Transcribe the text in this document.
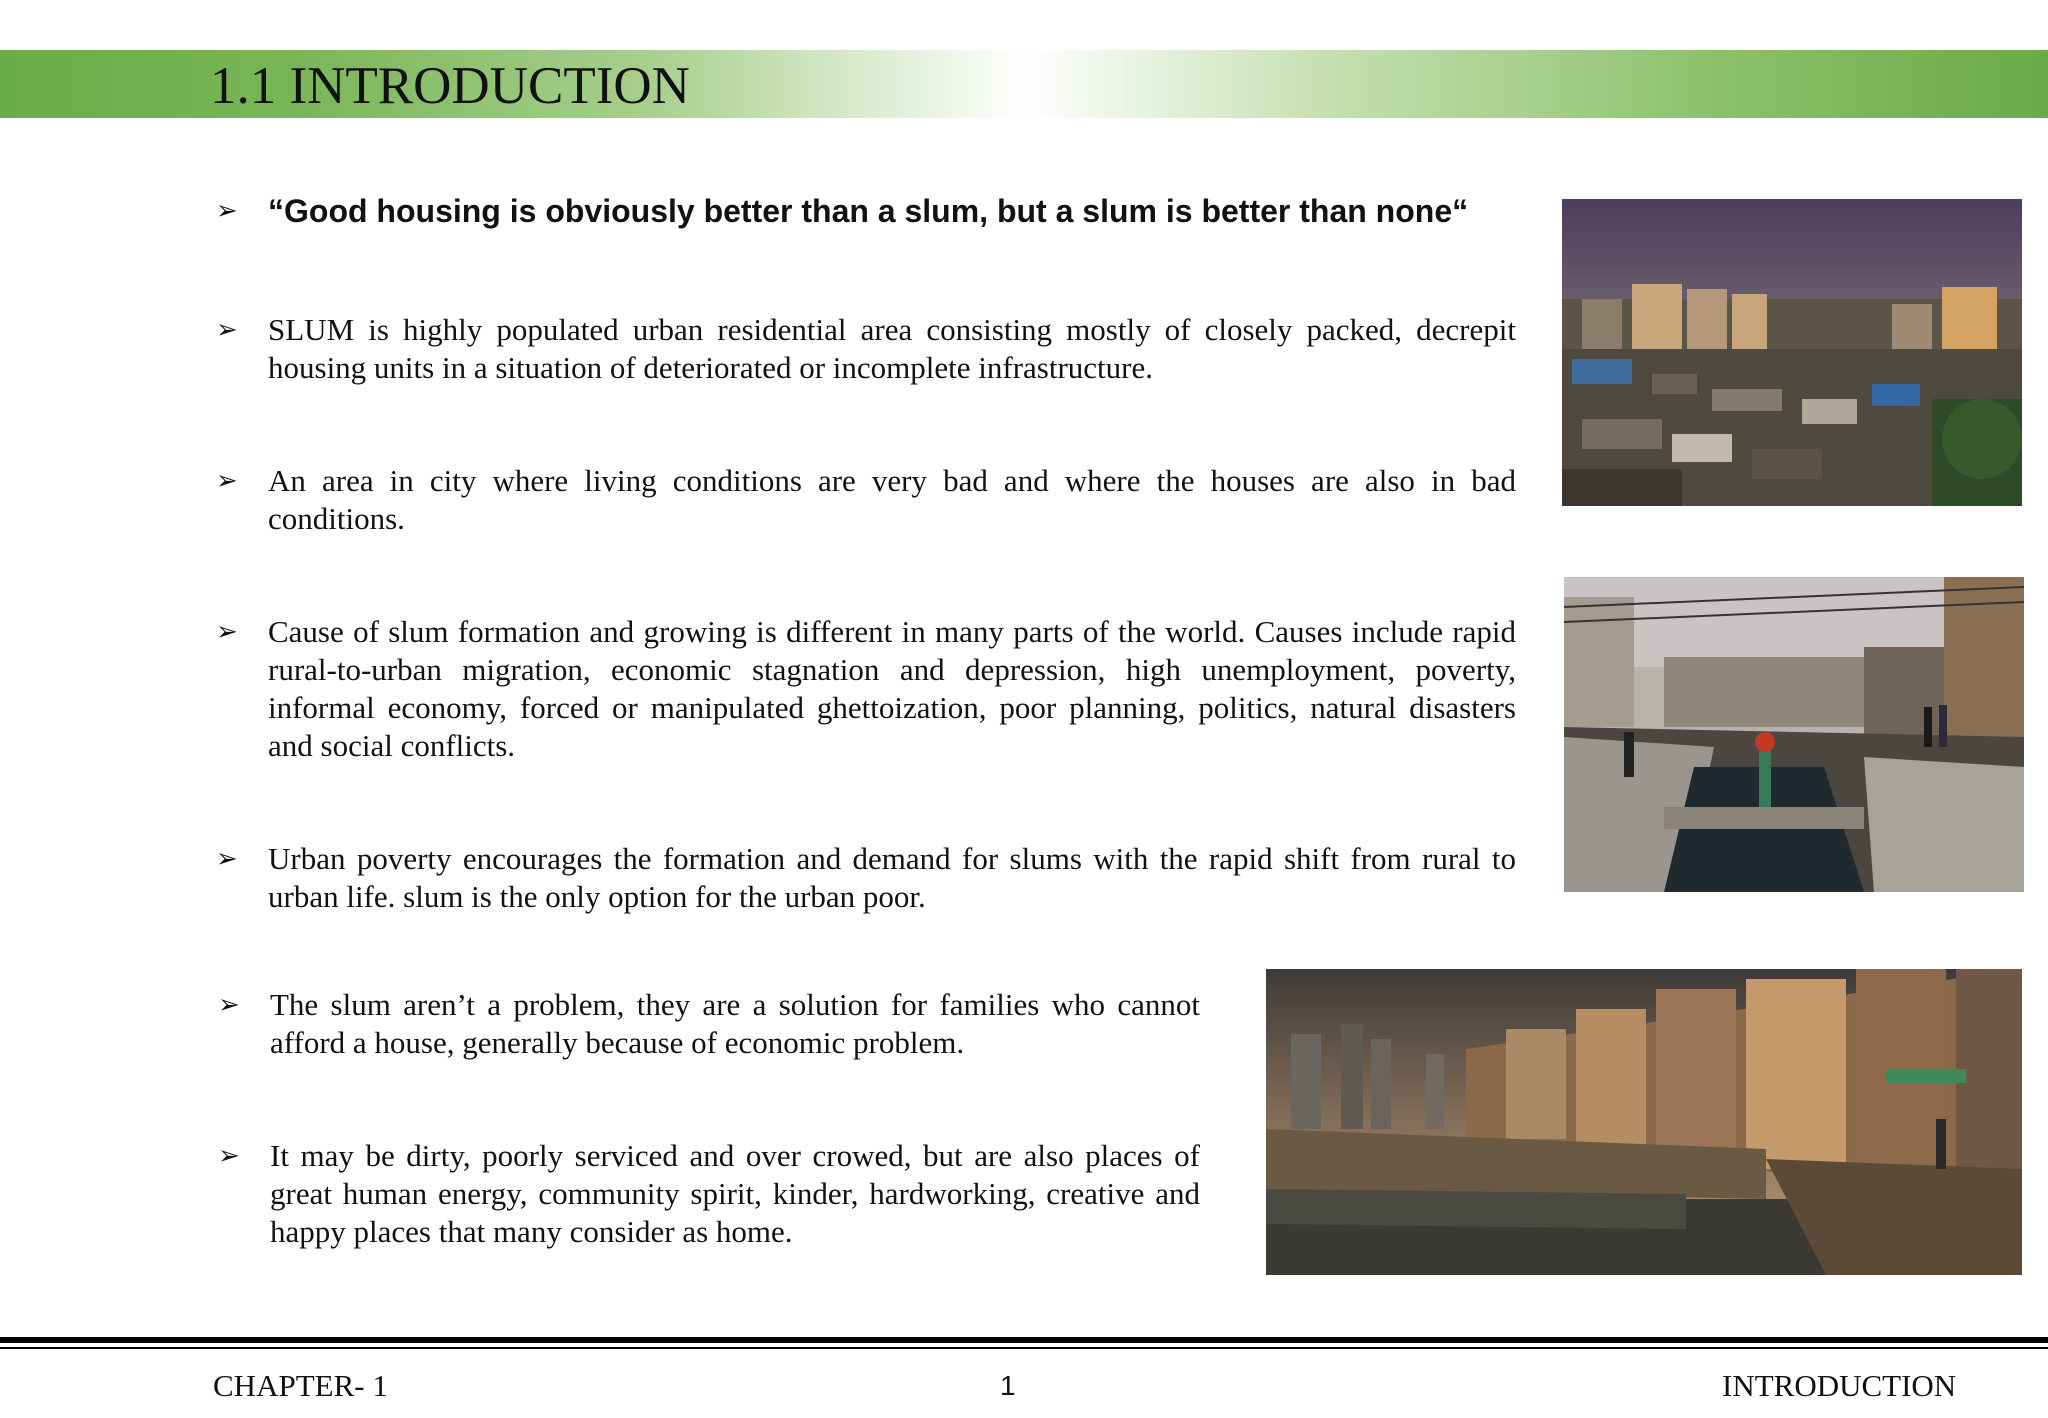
1.1 INTRODUCTION
➢ “Good housing is obviously better than a slum, but a slum is better than none“
➢ SLUM is highly populated urban residential area consisting mostly of closely packed, decrepit housing units in a situation of deteriorated or incomplete infrastructure.
➢ An area in city where living conditions are very bad and where the houses are also in bad conditions.
➢ Cause of slum formation and growing is different in many parts of the world. Causes include rapid rural-to-urban migration, economic stagnation and depression, high unemployment, poverty, informal economy, forced or manipulated ghettoization, poor planning, politics, natural disasters and social conflicts.
➢ Urban poverty encourages the formation and demand for slums with the rapid shift from rural to urban life. slum is the only option for the urban poor.
➢ The slum aren’t a problem, they are a solution for families who cannot afford a house, generally because of economic problem.
➢ It may be dirty, poorly serviced and over crowed, but are also places of great human energy, community spirit, kinder, hardworking, creative and happy places that many consider as home.
CHAPTER- 1	1	INTRODUCTION
